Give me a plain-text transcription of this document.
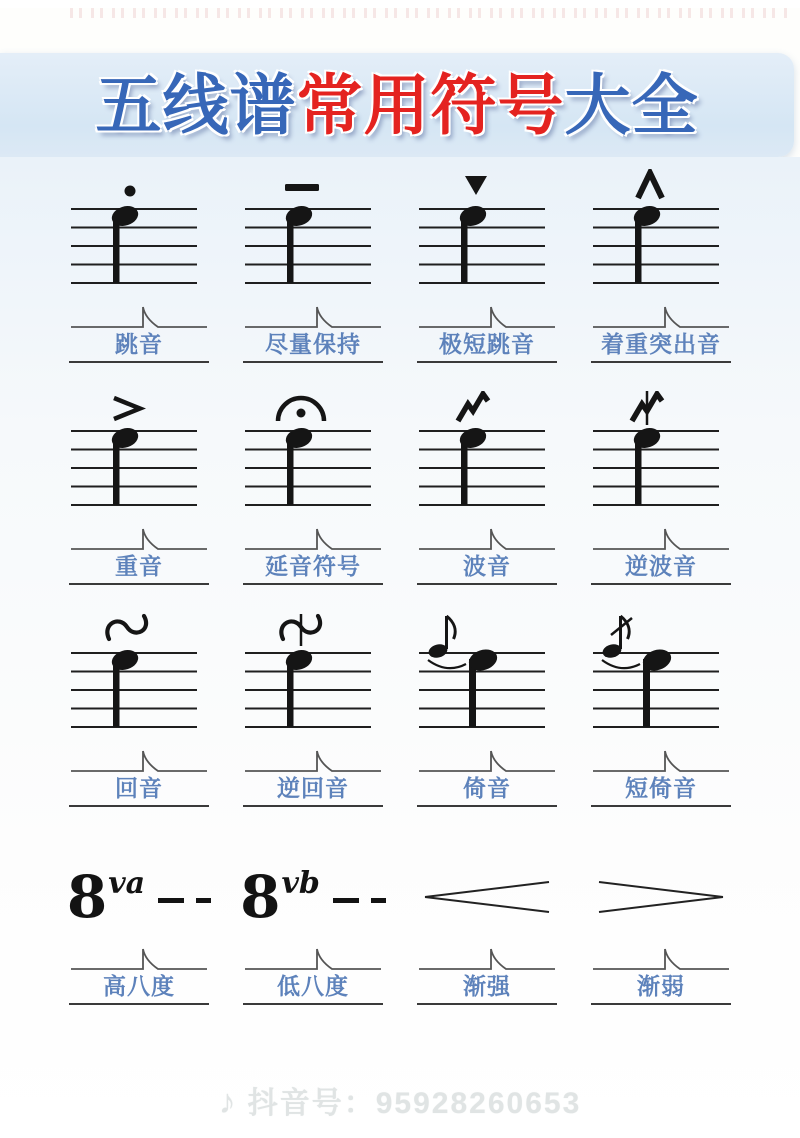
五线谱常用符号大全
跳音	尽量保持	极短跳音	着重突出音
重音	延音符号	波音	逆波音
回音	逆回音	倚音	短倚音
8 va
高八度
8 vb
低八度	渐强	渐弱
♪ 抖音号：95928260653
